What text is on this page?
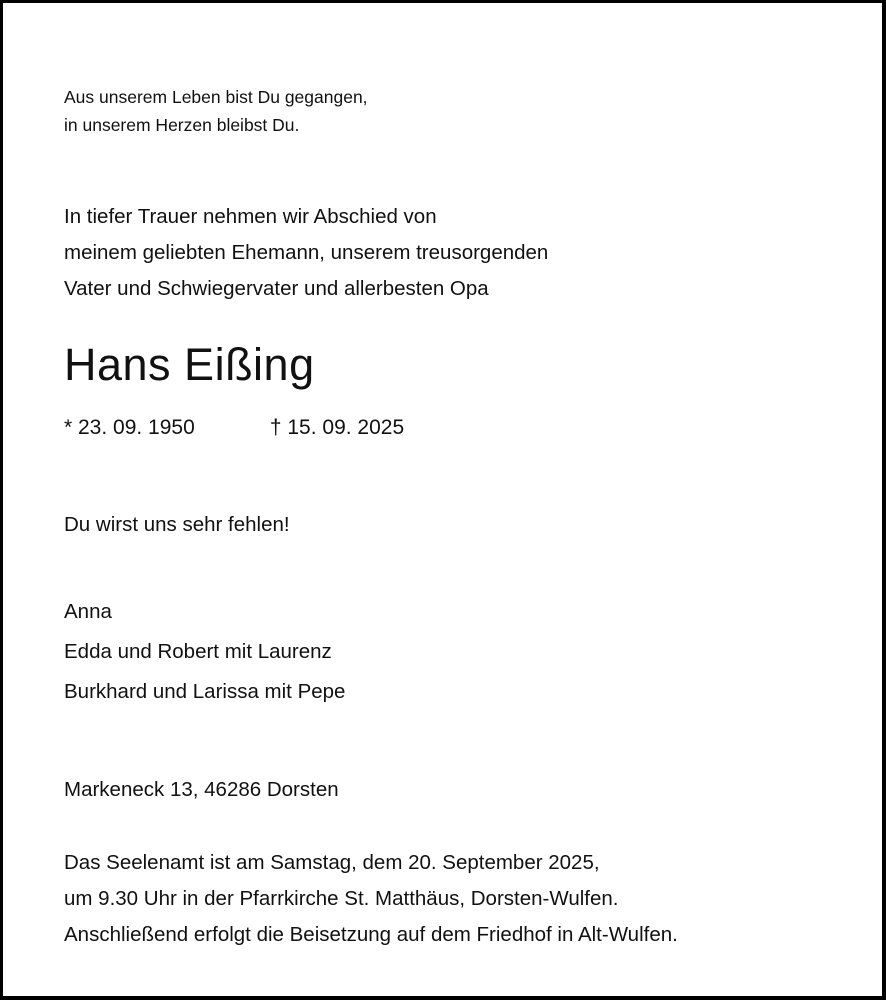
Aus unserem Leben bist Du gegangen,
in unserem Herzen bleibst Du.
In tiefer Trauer nehmen wir Abschied von
meinem geliebten Ehemann, unserem treusorgenden
Vater und Schwiegervater und allerbesten Opa
Hans Eißing
* 23. 09. 1950	† 15. 09. 2025
Du wirst uns sehr fehlen!
Anna
Edda und Robert mit Laurenz
Burkhard und Larissa mit Pepe
Markeneck 13, 46286 Dorsten
Das Seelenamt ist am Samstag, dem 20. September 2025,
um 9.30 Uhr in der Pfarrkirche St. Matthäus, Dorsten-Wulfen.
Anschließend erfolgt die Beisetzung auf dem Friedhof in Alt-Wulfen.
